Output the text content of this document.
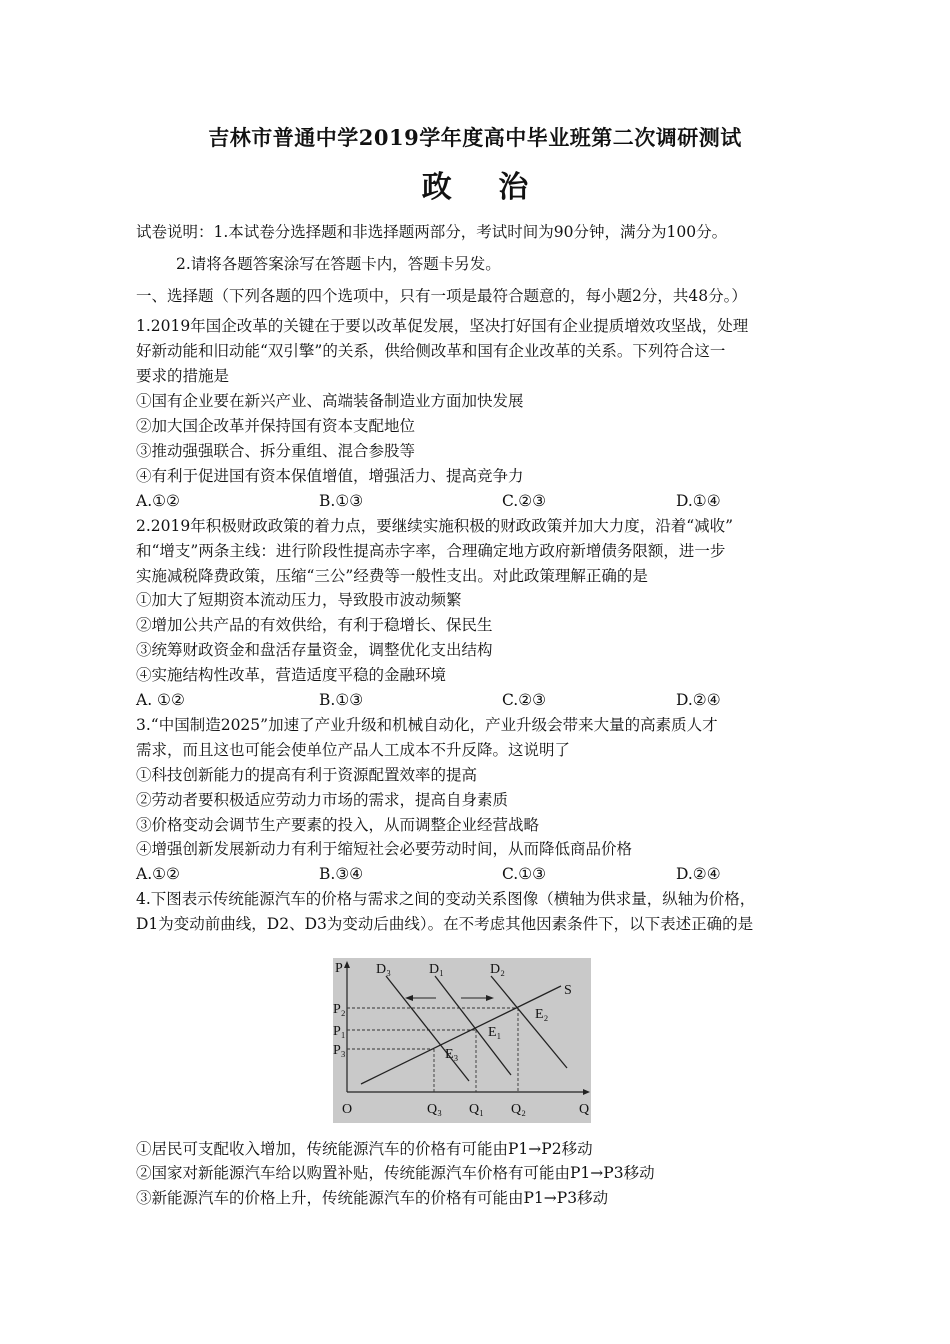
吉林市普通中学2019学年度高中毕业班第二次调研测试
政 治
试卷说明：1.本试卷分选择题和非选择题两部分，考试时间为90分钟，满分为100分。
2.请将各题答案涂写在答题卡内，答题卡另发。
一、选择题（下列各题的四个选项中，只有一项是最符合题意的，每小题2分，共48分。）
1.2019年国企改革的关键在于要以改革促发展，坚决打好国有企业提质增效攻坚战，处理
好新动能和旧动能“双引擎”的关系，供给侧改革和国有企业改革的关系。下列符合这一
要求的措施是
①国有企业要在新兴产业、高端装备制造业方面加快发展
②加大国企改革并保持国有资本支配地位
③推动强强联合、拆分重组、混合参股等
④有利于促进国有资本保值增值，增强活力、提高竞争力
A.①②	B.①③	C.②③	D.①④
2.2019年积极财政政策的着力点，要继续实施积极的财政政策并加大力度，沿着“减收”
和“增支”两条主线：进行阶段性提高赤字率，合理确定地方政府新增债务限额，进一步
实施减税降费政策，压缩“三公”经费等一般性支出。对此政策理解正确的是
①加大了短期资本流动压力，导致股市波动频繁
②增加公共产品的有效供给，有利于稳增长、保民生
③统筹财政资金和盘活存量资金，调整优化支出结构
④实施结构性改革，营造适度平稳的金融环境
A. ①②	B.①③	C.②③	D.②④
3.“中国制造2025”加速了产业升级和机械自动化，产业升级会带来大量的高素质人才
需求，而且这也可能会使单位产品人工成本不升反降。这说明了
①科技创新能力的提高有利于资源配置效率的提高
②劳动者要积极适应劳动力市场的需求，提高自身素质
③价格变动会调节生产要素的投入，从而调整企业经营战略
④增强创新发展新动力有利于缩短社会必要劳动时间，从而降低商品价格
A.①②	B.③④	C.①③	D.②④
4.下图表示传统能源汽车的价格与需求之间的变动关系图像（横轴为供求量，纵轴为价格，
D1为变动前曲线，D2、D3为变动后曲线）。在不考虑其他因素条件下，以下表述正确的是
P
Q
O
S
D₃	D₁	D₂
P₂
P₁
P₃
E₂
E₁
E₃
Q₃ Q₁ Q₂
①居民可支配收入增加，传统能源汽车的价格有可能由P1→P2移动
②国家对新能源汽车给以购置补贴，传统能源汽车价格有可能由P1→P3移动
③新能源汽车的价格上升，传统能源汽车的价格有可能由P1→P3移动
